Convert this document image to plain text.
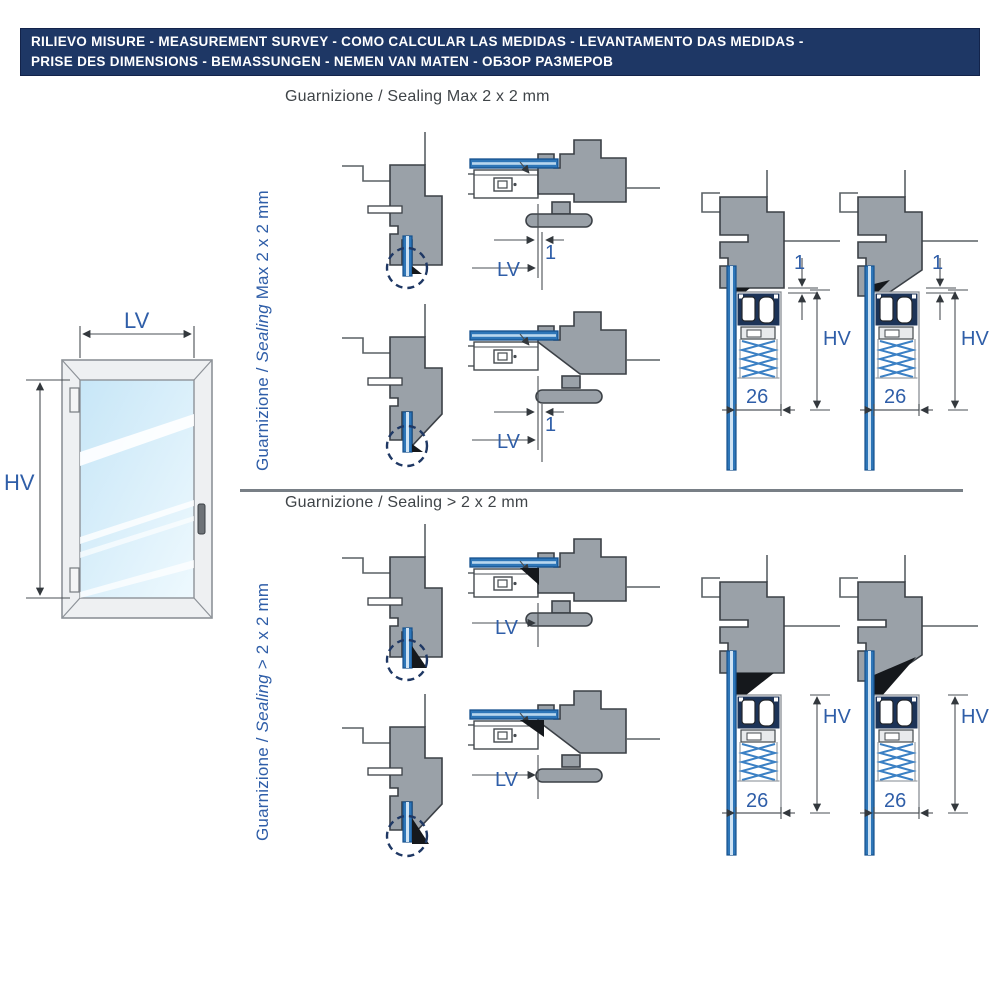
RILIEVO MISURE - MEASUREMENT SURVEY - COMO CALCULAR LAS MEDIDAS - LEVANTAMENTO DAS MEDIDAS -
PRISE DES DIMENSIONS - BEMASSUNGEN - NEMEN VAN MATEN - ОБЗОР РАЗМЕРОВ
Guarnizione / Sealing Max 2 x 2 mm
Guarnizione / Sealing > 2 x 2 mm
Guarnizione / Sealing Max 2 x 2 mm
Guarnizione / Sealing > 2 x 2 mm
LV
HV
LV
1
LV
1
1
HV
26
1
HV
26
LV
LV
HV
26
HV
26
